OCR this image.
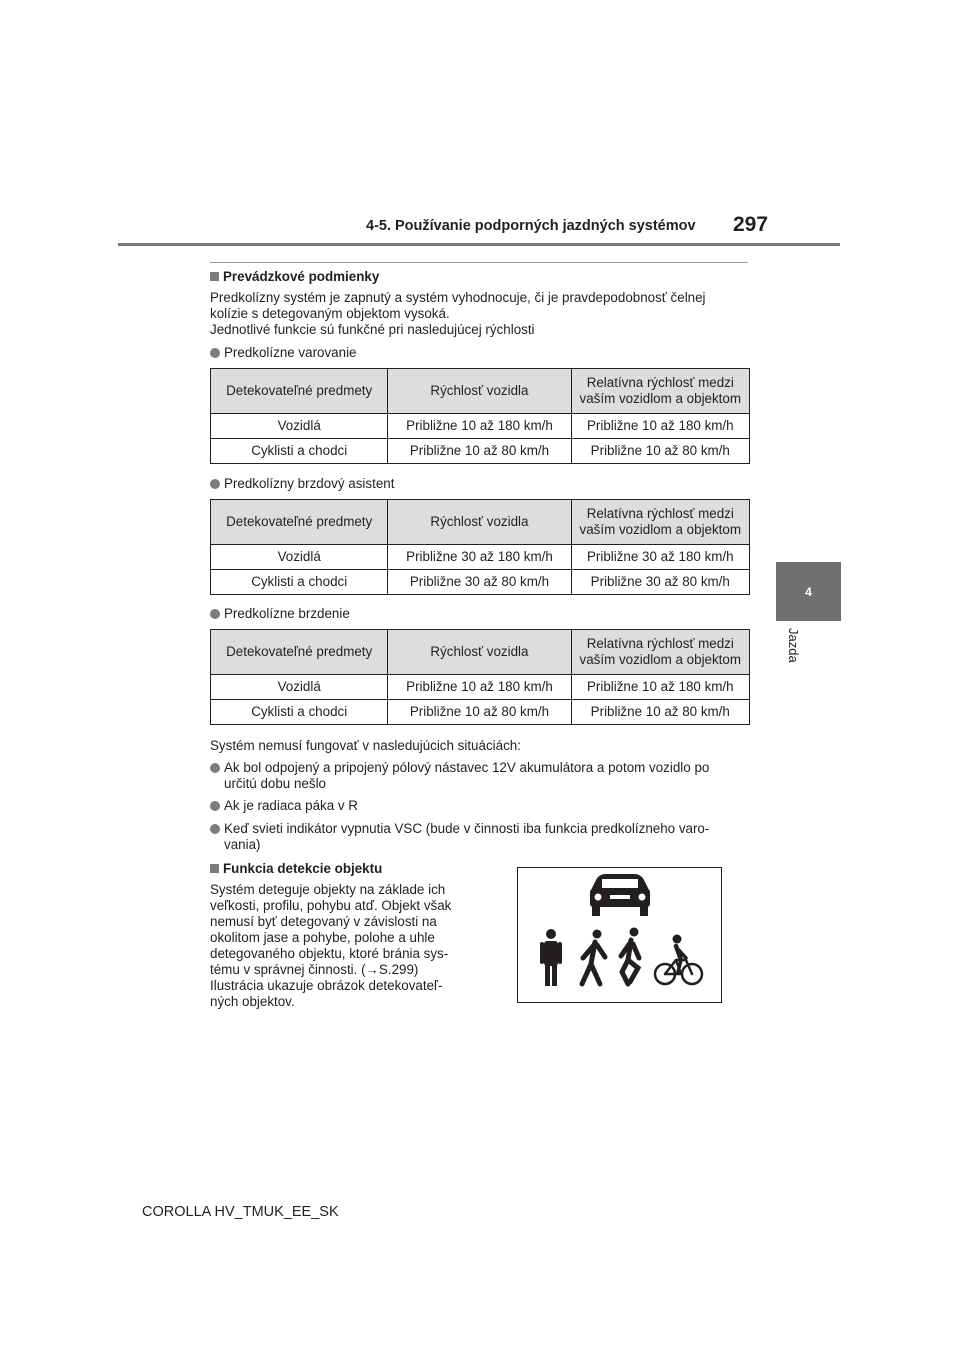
4-5. Používanie podporných jazdných systémov 297
4
Jazda
Prevádzkové podmienky
Predkolízny systém je zapnutý a systém vyhodnocuje, či je pravdepodobnosť čelnej
kolízie s detegovaným objektom vysoká.
Jednotlivé funkcie sú funkčné pri nasledujúcej rýchlosti
Predkolízne varovanie
Detekovateľné predmety	Rýchlosť vozidla	Relatívna rýchlosť medzi
vaším vozidlom a objektom

Vozidlá	Približne 10 až 180 km/h	Približne 10 až 180 km/h
Cyklisti a chodci	Približne 10 až 80 km/h	Približne 10 až 80 km/h
Predkolízny brzdový asistent
Detekovateľné predmety	Rýchlosť vozidla	Relatívna rýchlosť medzi
vaším vozidlom a objektom

Vozidlá	Približne 30 až 180 km/h	Približne 30 až 180 km/h
Cyklisti a chodci	Približne 30 až 80 km/h	Približne 30 až 80 km/h
Predkolízne brzdenie
Detekovateľné predmety	Rýchlosť vozidla	Relatívna rýchlosť medzi
vaším vozidlom a objektom

Vozidlá	Približne 10 až 180 km/h	Približne 10 až 180 km/h
Cyklisti a chodci	Približne 10 až 80 km/h	Približne 10 až 80 km/h
Systém nemusí fungovať v nasledujúcich situáciách:
Ak bol odpojený a pripojený pólový nástavec 12V akumulátora a potom vozidlo po
určitú dobu nešlo
Ak je radiaca páka v R
Keď svieti indikátor vypnutia VSC (bude v činnosti iba funkcia predkolízneho varo-
vania)
Funkcia detekcie objektu
Systém deteguje objekty na základe ich
veľkosti, profilu, pohybu atď. Objekt však
nemusí byť detegovaný v závislosti na
okolitom jase a pohybe, polohe a uhle
detegovaného objektu, ktoré bránia sys-
tému v správnej činnosti. (→S.299)
Ilustrácia ukazuje obrázok detekovateľ-
ných objektov.
COROLLA HV_TMUK_EE_SK
